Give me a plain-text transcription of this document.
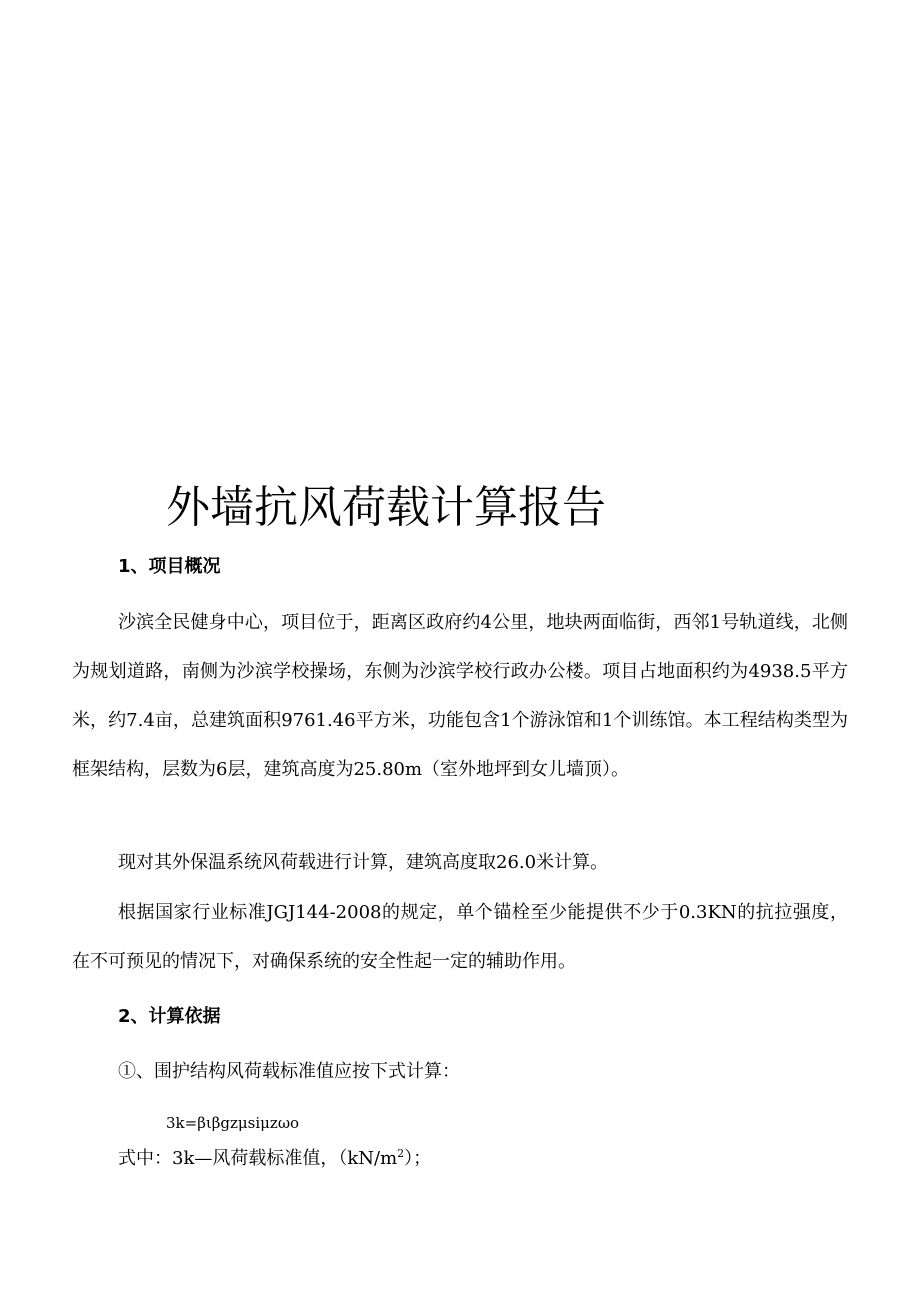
外墙抗风荷载计算报告
1、项目概况
沙滨全民健身中心，项目位于，距离区政府约4公里，地块两面临街，西邻1号轨道线，北侧为规划道路，南侧为沙滨学校操场，东侧为沙滨学校行政办公楼。项目占地面积约为4938.5平方米，约7.4亩，总建筑面积9761.46平方米，功能包含1个游泳馆和1个训练馆。本工程结构类型为框架结构，层数为6层，建筑高度为25.80m（室外地坪到女儿墙顶）。
现对其外保温系统风荷载进行计算，建筑高度取26.0米计算。
根据国家行业标准JGJ144-2008的规定，单个锚栓至少能提供不少于0.3KN的抗拉强度，在不可预见的情况下，对确保系统的安全性起一定的辅助作用。
2、计算依据
①、围护结构风荷载标准值应按下式计算：
3k=βιβgzμsiμzωo
式中：3k—风荷载标准值，$(kN/m^2)$；
